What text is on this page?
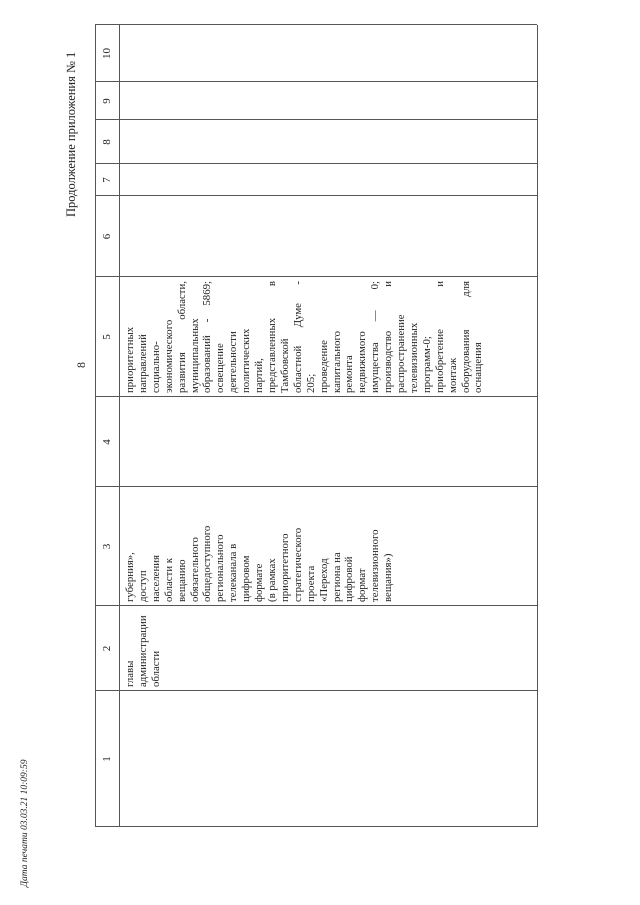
8
Продолжение приложения № 1
Дата печати 03.03.21 10:09:59
1
2
3
4
5
6
7
8
9
10
главы администрации области
губерния», доступ населения области к вещанию обязательного общедоступного регионального телеканала в цифровом формате (в рамках приоритетного стратегического проекта «Переход региона на цифровой формат телевизионного вещания»)
приоритетных направлений социально- экономического развития области, муниципальных образований - 5869; освещение деятельности политических партий, представленных в Тамбовской областной Думе - 205; проведение капитального ремонта недвижимого имущества — 0; производство и распространение телевизионных программ-0; приобретение и монтаж оборудования для оснащения
